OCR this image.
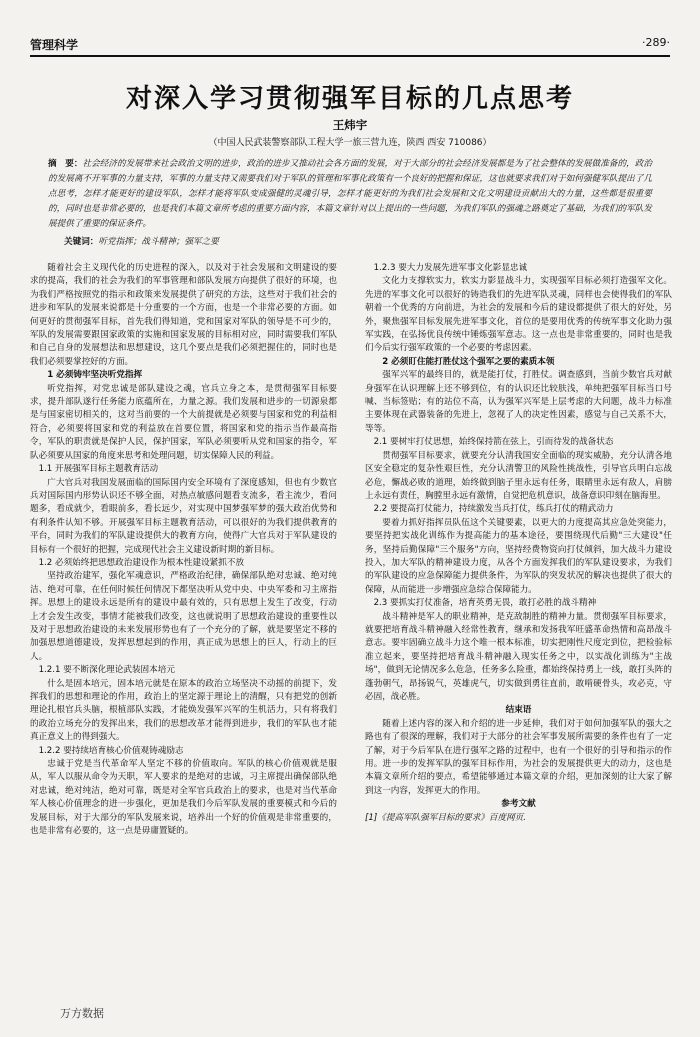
管理科学	·289·
对深入学习贯彻强军目标的几点思考
王炜宇
（中国人民武装警察部队工程大学一旅三营九连，陕西 西安 710086）
摘　要：社会经济的发展带来社会政治文明的进步，政治的进步又推动社会各方面的发展，对于大部分的社会经济发展都是为了社会整体的发展做准备的，政治的发展离不开军事的力量支持，军事的力量支持又需要我们对于军队的管理和军事化政策有一个良好的把握和保证，这也就要求我们对于如何强健军队提出了几点思考，怎样才能更好的建设军队，怎样才能将军队变成强健的灵魂引导，怎样才能更好的为我们社会发展和文化文明建设贡献出大的力量，这些都是很重要的，同时也是非常必要的，也是我们本篇文章所考虑的重要方面内容，本篇文章针对以上提出的一些问题，为我们军队的强魂之路奠定了基础，为我们的军队发展提供了重要的保证条件。
关键词：听党指挥；战斗精神；强军之要

随着社会主义现代化的历史进程的深入，以及对于社会发展和文明建设的要求的提高，我们的社会为我们的军事管理和部队发展方向提供了很好的环境，也为我们严格按照党的指示和政策来发展提供了研究的方法，这些对于我们社会的进步和军队的发展来说都是十分重要的一个方面，也是一个非常必要的方面。如何更好的贯彻强军目标，首先我们得知道，党和国家对军队的领导是不可少的，军队的发展需要跟国家政策的实施和国家发展的目标相对应，同时需要我们军队和自己自身的发展想法和思想建设，这几个要点是我们必须把握住的，同时也是我们必须要掌控好的方面。

1 必须铸牢坚决听党指挥

听党指挥，对党忠诚是部队建设之魂，官兵立身之本，是贯彻强军目标要求，提升部队遂行任务能力底蕴所在，力量之源。我们发展和进步的一切源泉都是与国家密切相关的，这对当前要的一个大前提就是必须要与国家和党的利益相符合，必须要将国家和党的利益放在首要位置，将国家和党的指示当作最高指令，军队的职责就是保护人民，保护国家，军队必须要听从党和国家的指令，军队必须要从国家的角度来思考和处理问题，切实保障人民的利益。

1.1 开展强军目标主题教育活动

广大官兵对我国发展面临的国际国内安全环境有了深度感知，但也有少数官兵对国际国内形势认识还不够全面，对热点敏感问题看支流多，看主流少，看问题多，看成就少，看眼前多，看长远少，对实现中国梦强军梦的强大政治优势和有利条件认知不够。开展强军目标主题教育活动，可以很好的为我们提供教育的平台，同时为我们的军队建设提供大的教育方向，使得广大官兵对于军队建设的目标有一个很好的把握，完成现代社会主义建设新时期的新目标。

1.2 必须始终把思想政治建设作为根本性建设紧抓不放

坚持政治建军，强化军魂意识，严格政治纪律，确保部队绝对忠诚、绝对纯洁、绝对可靠，在任何时候任何情况下都坚决听从党中央、中央军委和习主席指挥。思想上的建设永远是所有的建设中最有效的，只有思想上发生了改变，行动上才会发生改变，事情才能被我们改变，这也就说明了思想政治建设的重要性以及对于思想政治建设的未来发展形势也有了一个充分的了解，就是要坚定不移的加强思想道德建设，发挥思想起到的作用，真正成为思想上的巨人，行动上的巨人。

1.2.1 要不断深化理论武装固本培元

什么是固本培元，固本培元就是在原本的政治立场坚决不动摇的前提下，发挥我们的思想和理论的作用，政治上的坚定源于理论上的清醒，只有把党的创新理论扎根官兵头脑，根植部队实践，才能焕发强军兴军的生机活力，只有将我们的政治立场充分的发挥出来，我们的思想改革才能得到进步，我们的军队也才能真正意义上的得到强大。

1.2.2 要持续培育核心价值观铸魂励志

忠诚于党是当代革命军人坚定不移的价值取向。军队的核心价值观就是服从，军人以服从命令为天职，军人要求的是绝对的忠诚，习主席提出确保部队绝对忠诚，绝对纯洁，绝对可靠，既是对全军官兵政治上的要求，也是对当代革命军人核心价值理念的进一步强化，更加是我们今后军队发展的重要模式和今后的发展目标，对于大部分的军队发展来说，培养出一个好的价值观是非常重要的，也是非常有必要的，这一点是毋庸置疑的。

1.2.3 要大力发展先进军事文化影显忠诚

文化力支撑软实力，软实力影显战斗力，实现强军目标必须打造强军文化。先进的军事文化可以很好的铸造我们的先进军队灵魂，同样也会使得我们的军队朝着一个优秀的方向前进，为社会的发展和今后的建设都提供了很大的好处，另外，聚焦强军目标发展先进军事文化，首位的是要用优秀的传统军事文化助力强军实践，在弘扬优良传统中锤炼强军意志。这一点也是非常重要的，同时也是我们今后实行强军政策的一个必要的考虑因素。

2 必须盯住能打胜仗这个强军之要的素质本领

强军兴军的最终目的，就是能打仗，打胜仗。调查感到，当前少数官兵对献身强军在认识理解上还不够到位，有的认识还比较肤浅，单纯把强军目标当口号喊、当标签贴；有的站位不高，认为强军兴军是上层考虑的大问题，战斗力标准主要体现在武器装备的先进上，忽视了人的决定性因素，感觉与自己关系不大，等等。

2.1 要树牢打仗思想，始终保持箭在弦上，引而待发的战备状态

贯彻强军目标要求，就要充分认清我国安全面临的现实威胁，充分认清各地区安全稳定的复杂性艰巨性，充分认清警卫的风险性挑战性，引导官兵明白忘战必危，懈战必败的道理，始终做到脑子里永远有任务，眼睛里永远有敌人，肩膀上永远有责任，胸膛里永远有激情，自觉把危机意识，战备意识印刻在脑海里。

2.2 要提高打仗能力，持续激发当兵打仗，练兵打仗的精武动力

要着力抓好指挥员队伍这个关键要素，以更大的力度提高其应急处突能力，要坚持把实战化训练作为提高能力的基本途径，要围绕现代后勤"三大建设"任务，坚持后勤保障"三个服务"方向，坚持经费物资向打仗倾斜，加大战斗力建设投入，加大军队的精神建设力度，从各个方面发挥我们的军队建设要求，为我们的军队建设的应急保障能力提供条件，为军队的突发状况的解决也提供了很大的保障，从而能进一步增强应急综合保障能力。

2.3 要抓实打仗准备，培育英勇无畏，敢打必胜的战斗精神

战斗精神是军人的职业精神，是克敌制胜的精神力量。贯彻强军目标要求，就要把培育战斗精神融入经常性教育，继承和发扬我军旺盛革命热情和高昂战斗意志。要牢固确立战斗力这个唯一根本标准，切实把刚性尺度定到位，把检验标准立起来，要坚持把培育战斗精神融入现实任务之中，以实战化训练为"主战场"，做到无论情况多么危急，任务多么险重，都始终保持勇上一线，敢打头阵的蓬勃朝气，昂扬锐气，英雄虎气，切实做到勇往直前，敢啃硬骨头，攻必克，守必固，战必胜。

结束语

随着上述内容的深入和介绍的进一步延伸，我们对于如何加强军队的强大之路也有了很深的理解，我们对于大部分的社会军事发展所需要的条件也有了一定了解，对于今后军队在进行强军之路的过程中，也有一个很好的引导和指示的作用。进一步的发挥军队的强军目标作用，为社会的发展提供更大的动力，这也是本篇文章所介绍的要点，希望能够通过本篇文章的介绍，更加深刻的让大家了解到这一内容，发挥更大的作用。

参考文献

[1]《提高军队强军目标的要求》百度网页.

万方数据
